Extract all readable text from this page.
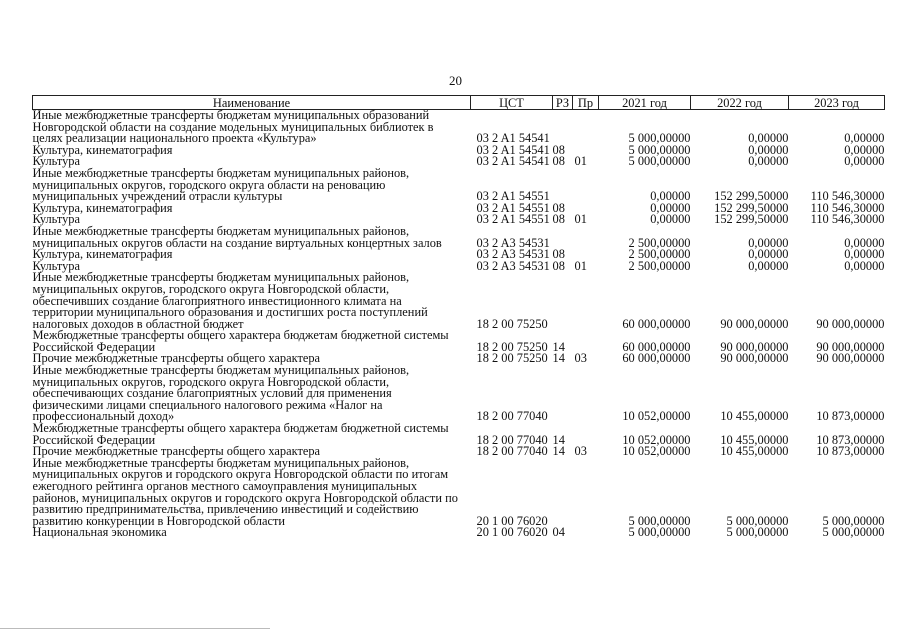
20
Наименование	ЦСТ	РЗ	Пр	2021 год	2022 год	2023 год
Иные межбюджетные трансферты бюджетам муниципальных образований Новгородской области на создание модельных муниципальных библиотек в целях реализации национального проекта «Культура»	03 2 A1 54541			5 000,00000	0,00000	0,00000
Культура, кинематография	03 2 A1 54541	08		5 000,00000	0,00000	0,00000
Культура	03 2 A1 54541	08	01	5 000,00000	0,00000	0,00000
Иные межбюджетные трансферты бюджетам муниципальных районов, муниципальных округов, городского округа области на реновацию муниципальных учреждений отрасли культуры	03 2 A1 54551			0,00000	152 299,50000	110 546,30000
Культура, кинематография	03 2 A1 54551	08		0,00000	152 299,50000	110 546,30000
Культура	03 2 A1 54551	08	01	0,00000	152 299,50000	110 546,30000
Иные межбюджетные трансферты бюджетам муниципальных районов, муниципальных округов области на создание виртуальных концертных залов	03 2 A3 54531			2 500,00000	0,00000	0,00000
Культура, кинематография	03 2 A3 54531	08		2 500,00000	0,00000	0,00000
Культура	03 2 A3 54531	08	01	2 500,00000	0,00000	0,00000
Иные межбюджетные трансферты бюджетам муниципальных районов, муниципальных округов, городского округа Новгородской области, обеспечивших создание благоприятного инвестиционного климата на территории муниципального образования и достигших роста поступлений налоговых доходов в областной бюджет	18 2 00 75250			60 000,00000	90 000,00000	90 000,00000
Межбюджетные трансферты общего характера бюджетам бюджетной системы Российской Федерации	18 2 00 75250	14		60 000,00000	90 000,00000	90 000,00000
Прочие межбюджетные трансферты общего характера	18 2 00 75250	14	03	60 000,00000	90 000,00000	90 000,00000
Иные межбюджетные трансферты бюджетам муниципальных районов, муниципальных округов, городского округа Новгородской области, обеспечивающих создание благоприятных условий для применения физическими лицами специального налогового режима «Налог на профессиональный доход»	18 2 00 77040			10 052,00000	10 455,00000	10 873,00000
Межбюджетные трансферты общего характера бюджетам бюджетной системы Российской Федерации	18 2 00 77040	14		10 052,00000	10 455,00000	10 873,00000
Прочие межбюджетные трансферты общего характера	18 2 00 77040	14	03	10 052,00000	10 455,00000	10 873,00000
Иные межбюджетные трансферты бюджетам муниципальных районов, муниципальных округов и городского округа Новгородской области по итогам ежегодного рейтинга органов местного самоуправления муниципальных районов, муниципальных округов и городского округа Новгородской области по развитию предпринимательства, привлечению инвестиций и содействию развитию конкуренции в Новгородской области	20 1 00 76020			5 000,00000	5 000,00000	5 000,00000
Национальная экономика	20 1 00 76020	04		5 000,00000	5 000,00000	5 000,00000
